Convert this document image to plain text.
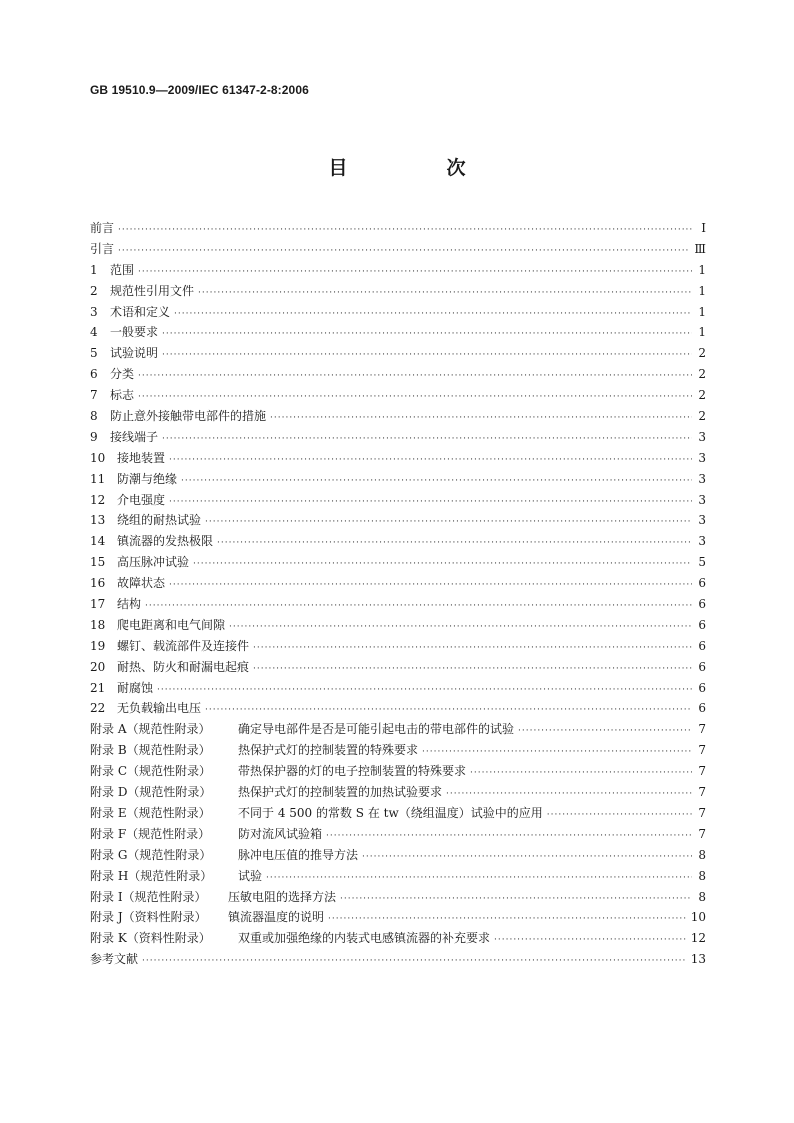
GB 19510.9—2009/IEC 61347-2-8:2006
目　次
前言 ·····	Ⅰ
引言 ·····	Ⅲ
1 范围 ·····	1
2 规范性引用文件 ·····	1
3 术语和定义 ·····	1
4 一般要求 ·····	1
5 试验说明 ·····	2
6 分类 ·····	2
7 标志 ·····	2
8 防止意外接触带电部件的措施 ·····	2
9 接线端子 ·····	3
10 接地装置 ·····	3
11 防潮与绝缘 ·····	3
12 介电强度 ·····	3
13 绕组的耐热试验 ·····	3
14 镇流器的发热极限 ·····	3
15 高压脉冲试验 ·····	5
16 故障状态 ·····	6
17 结构 ·····	6
18 爬电距离和电气间隙 ·····	6
19 螺钉、载流部件及连接件 ·····	6
20 耐热、防火和耐漏电起痕 ·····	6
21 耐腐蚀 ·····	6
22 无负载输出电压 ·····	6
附录 A（规范性附录） 确定导电部件是否是可能引起电击的带电部件的试验 ·····	7
附录 B（规范性附录） 热保护式灯的控制装置的特殊要求 ·····	7
附录 C（规范性附录） 带热保护器的灯的电子控制装置的特殊要求 ·····	7
附录 D（规范性附录） 热保护式灯的控制装置的加热试验要求 ·····	7
附录 E（规范性附录） 不同于 4 500 的常数 S 在 tw（绕组温度）试验中的应用 ·····	7
附录 F（规范性附录） 防对流风试验箱 ·····	7
附录 G（规范性附录） 脉冲电压值的推导方法 ·····	8
附录 H（规范性附录） 试验 ·····	8
附录 I（规范性附录） 压敏电阻的选择方法 ·····	8
附录 J（资料性附录） 镇流器温度的说明 ·····	10
附录 K（资料性附录） 双重或加强绝缘的内装式电感镇流器的补充要求 ·····	12
参考文献 ·····	13
